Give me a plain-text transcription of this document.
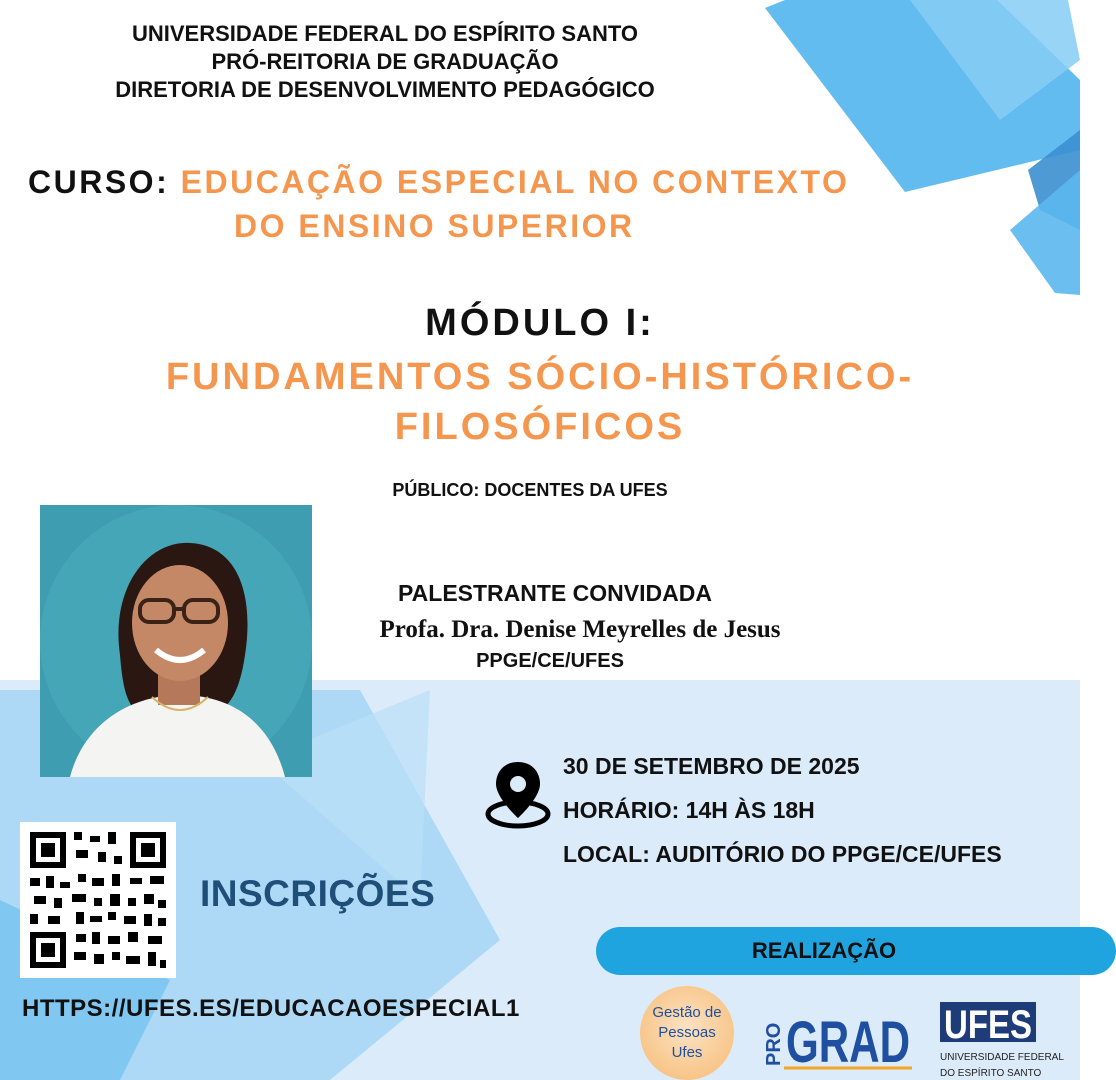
UNIVERSIDADE FEDERAL DO ESPÍRITO SANTO
PRÓ-REITORIA DE GRADUAÇÃO
DIRETORIA DE DESENVOLVIMENTO PEDAGÓGICO
CURSO: EDUCAÇÃO ESPECIAL NO CONTEXTO
DO ENSINO SUPERIOR
MÓDULO I:
FUNDAMENTOS SÓCIO-HISTÓRICO-
FILOSÓFICOS
PÚBLICO: DOCENTES DA UFES
PALESTRANTE CONVIDADA
Profa. Dra. Denise Meyrelles de Jesus
PPGE/CE/UFES
30 DE SETEMBRO DE 2025
HORÁRIO: 14H ÀS 18H
LOCAL: AUDITÓRIO DO PPGE/CE/UFES
INSCRIÇÕES
HTTPS://UFES.ES/EDUCACAOESPECIAL1
REALIZAÇÃO
Gestão de
Pessoas
Ufes	PRO GRAD UFES
UNIVERSIDADE FEDERAL
DO ESPÍRITO SANTO
